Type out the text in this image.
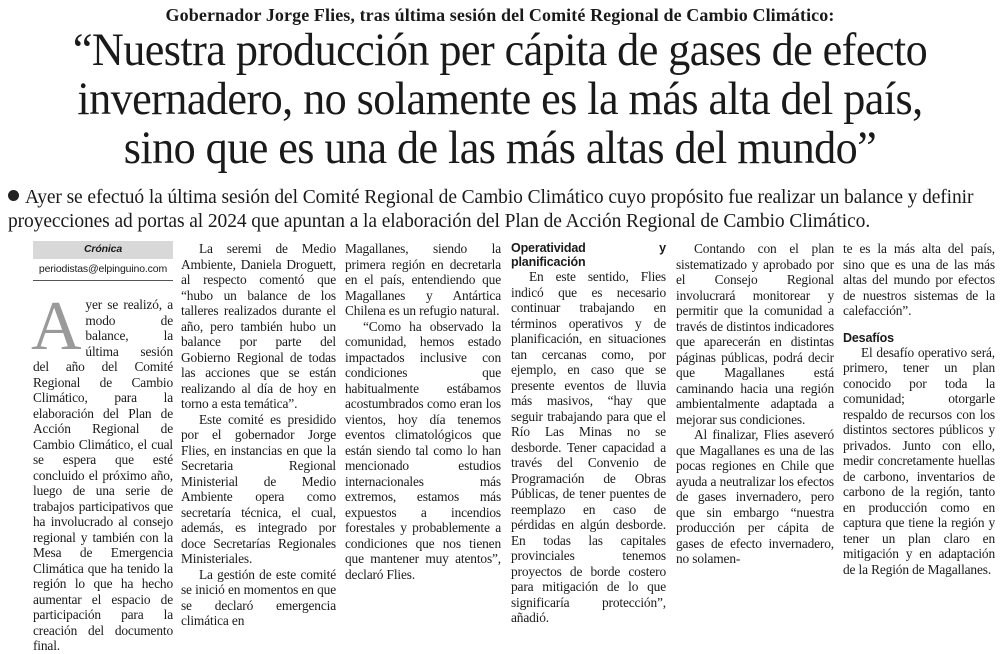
Gobernador Jorge Flies, tras última sesión del Comité Regional de Cambio Climático:
“Nuestra producción per cápita de gases de efecto
invernadero, no solamente es la más alta del país,
sino que es una de las más altas del mundo”
Ayer se efectuó la última sesión del Comité Regional de Cambio Climático cuyo propósito fue realizar un balance y definir proyecciones ad portas al 2024 que apuntan a la elaboración del Plan de Acción Regional de Cambio Climático.
Crónica
periodistas@elpinguino.com

Ayer se realizó, a modo de balance, la última sesión del año del Comité Regional de Cambio Climático, para la elaboración del Plan de Acción Regional de Cambio Climático, el cual se espera que esté concluido el próximo año, luego de una serie de trabajos participativos que ha involucrado al consejo regional y también con la Mesa de Emergencia Climática que ha tenido la región lo que ha hecho aumentar el espacio de participación para la creación del documento final.

La seremi de Medio Ambiente, Daniela Droguett, al respecto comentó que “hubo un balance de los talleres realizados durante el año, pero también hubo un balance por parte del Gobierno Regional de todas las acciones que se están realizando al día de hoy en torno a esta temática”.

Este comité es presidido por el gobernador Jorge Flies, en instancias en que la Secretaria Regional Ministerial de Medio Ambiente opera como secretaría técnica, el cual, además, es integrado por doce Secretarías Regionales Ministeriales.

La gestión de este comité se inició en momentos en que se declaró emergencia climática en

Magallanes, siendo la primera región en decretarla en el país, entendiendo que Magallanes y Antártica Chilena es un refugio natural.

“Como ha observado la comunidad, hemos estado impactados inclusive con condiciones que habitualmente estábamos acostumbrados como eran los vientos, hoy día tenemos eventos climatológicos que están siendo tal como lo han mencionado estudios internacionales más extremos, estamos más expuestos a incendios forestales y probablemente a condiciones que nos tienen que mantener muy atentos”, declaró Flies.

Operatividad y planificación

En este sentido, Flies indicó que es necesario continuar trabajando en términos operativos y de planificación, en situaciones tan cercanas como, por ejemplo, en caso que se presente eventos de lluvia más masivos, “hay que seguir trabajando para que el Río Las Minas no se desborde. Tener capacidad a través del Convenio de Programación de Obras Públicas, de tener puentes de reemplazo en caso de pérdidas en algún desborde. En todas las capitales provinciales tenemos proyectos de borde costero para mitigación de lo que significaría protección”, añadió.

Contando con el plan sistematizado y aprobado por el Consejo Regional involucrará monitorear y permitir que la comunidad a través de distintos indicadores que aparecerán en distintas páginas públicas, podrá decir que Magallanes está caminando hacia una región ambientalmente adaptada a mejorar sus condiciones.

Al finalizar, Flies aseveró que Magallanes es una de las pocas regiones en Chile que ayuda a neutralizar los efectos de gases invernadero, pero que sin embargo “nuestra producción per cápita de gases de efecto invernadero, no solamen-

te es la más alta del país, sino que es una de las más altas del mundo por efectos de nuestros sistemas de la calefacción”.

Desafíos

El desafío operativo será, primero, tener un plan conocido por toda la comunidad; otorgarle respaldo de recursos con los distintos sectores públicos y privados. Junto con ello, medir concretamente huellas de carbono, inventarios de carbono de la región, tanto en producción como en captura que tiene la región y tener un plan claro en mitigación y en adaptación de la Región de Magallanes.
